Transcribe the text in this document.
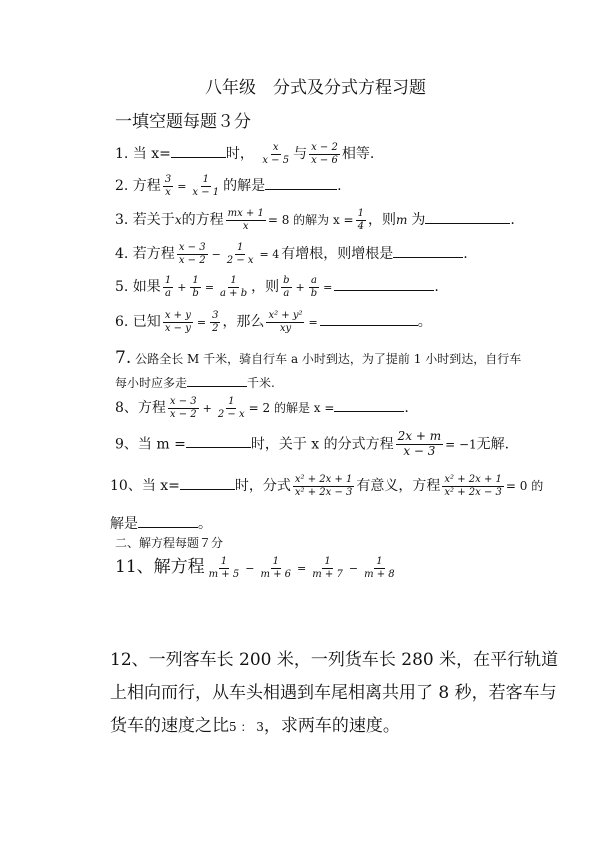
八年级　分式及分式方程习题
一填空题每题３分
1. 当 x=	时， $\frac{x}{x - 5}$ 与 $\frac{x - 2}{x - 6}$ 相等.
2. 方程 $\frac{3}{x} = \frac{1}{x - 1}$ 的解是	.
3. 若关于x的方程 $\frac{mx + 1}{x} = 8$ 的解为 $x = \frac{1}{4}$ ，则m 为	.
4. 若方程 $\frac{x - 3}{x - 2} - \frac{1}{2 - x} = 4$ 有增根，则增根是	.
5. 如果 $\frac{1}{a} + \frac{1}{b} = \frac{1}{a + b}$ ，则 $\frac{b}{a} + \frac{a}{b}$ =	.
6. 已知 $\frac{x + y}{x - y} = \frac{3}{2}$ ，那么 $\frac{\text{x² + y²}}{xy}$ =	。
7. 公路全长 M 千米，骑自行车 a 小时到达，为了提前 1 小时到达，自行车
每小时应多走	千米.
8、方程 $\frac{x - 3}{x - 2} + \frac{1}{2 - x} = 2$ 的解是 x =	.
9、当 m =	时，关于 x 的分式方程 $\frac{2x + m}{x - 3} = -1$无解.
10、当 x=	时，分式 $\frac{\text{x² + 2x + 1}}{\text{x² + 2x − 3}}$ 有意义，方程 $\frac{\text{x² + 2x + 1}}{\text{x² + 2x − 3}} = 0$ 的
解是	。
二、解方程每题７分
11、解方程 $\frac{1}{m + 5} - \frac{1}{m + 6} = \frac{1}{m + 7} - \frac{1}{m + 8}$
12、一列客车长 200 米，一列货车长 280 米，在平行轨道
上相向而行，从车头相遇到车尾相离共用了 8 秒，若客车与
货车的速度之比5 ： 3，求两车的速度。
